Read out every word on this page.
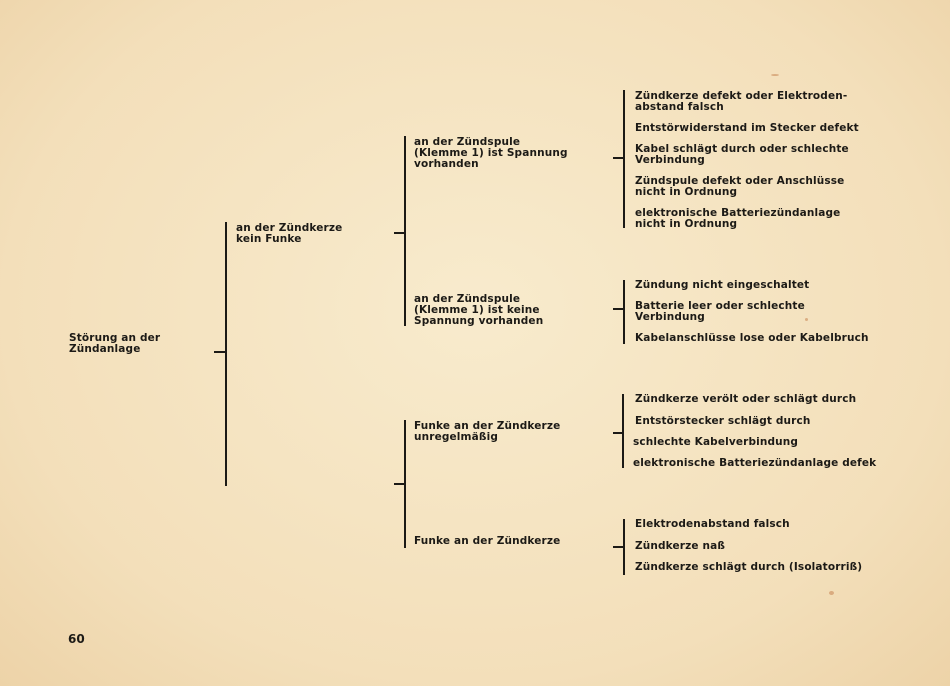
Störung an der
Zündanlage
an der Zündkerze
kein Funke
an der Zündspule
(Klemme 1) ist Spannung
vorhanden
an der Zündspule
(Klemme 1) ist keine
Spannung vorhanden
Funke an der Zündkerze
unregelmäßig
Funke an der Zündkerze
Zündkerze defekt oder Elektroden-
abstand falsch
Entstörwiderstand im Stecker defekt
Kabel schlägt durch oder schlechte
Verbindung
Zündspule defekt oder Anschlüsse
nicht in Ordnung
elektronische Batteriezündanlage
nicht in Ordnung
Zündung nicht eingeschaltet
Batterie leer oder schlechte
Verbindung
Kabelanschlüsse lose oder Kabelbruch
Zündkerze verölt oder schlägt durch
Entstörstecker schlägt durch
schlechte Kabelverbindung
elektronische Batteriezündanlage defek
Elektrodenabstand falsch
Zündkerze naß
Zündkerze schlägt durch (Isolatorriß)
60
